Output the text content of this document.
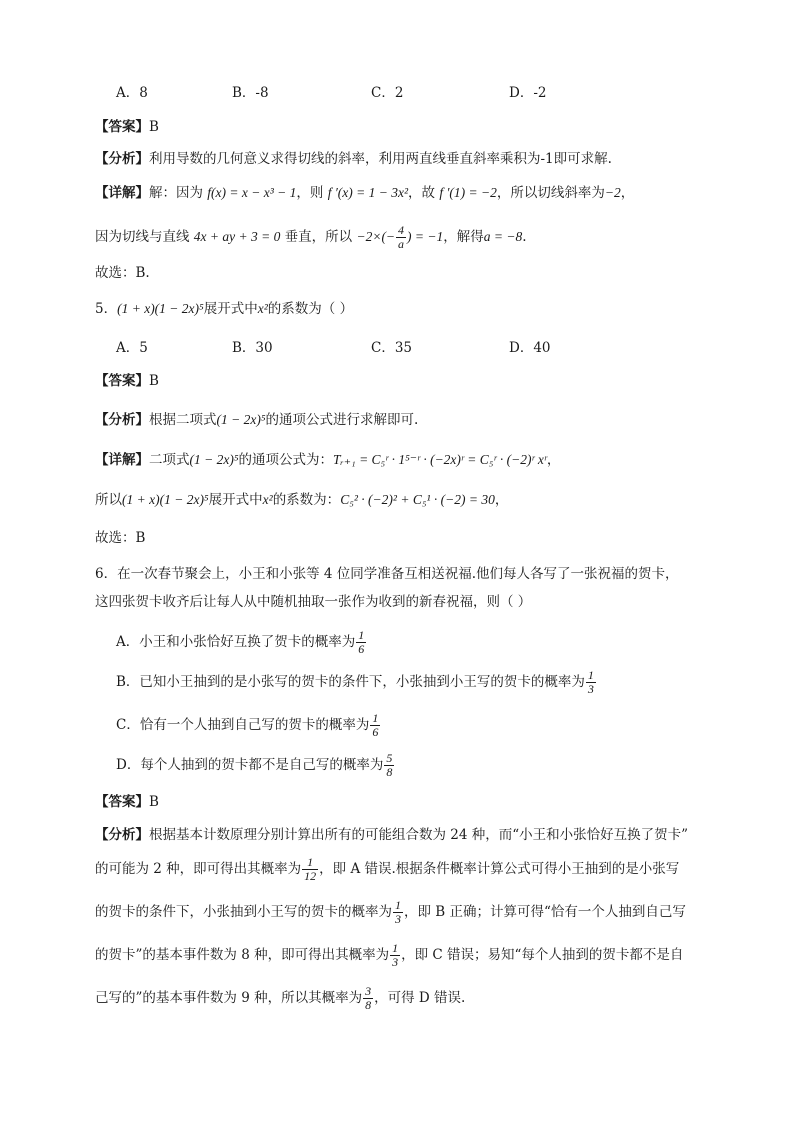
A．8	B．-8	C．2	D．-2
【答案】B
【分析】利用导数的几何意义求得切线的斜率，利用两直线垂直斜率乘积为-1即可求解.
【详解】解：因为 f(x) = x − x³ − 1，则 f ′(x) = 1 − 3x²，故 f ′(1) = −2，所以切线斜率为−2，
因为切线与直线 4x + ay + 3 = 0 垂直，所以 $-2\times(- \frac{4}{a}$ ) = −1，解得a = −8.
故选：B.
5．(1 + x)(1 − 2x)⁵展开式中x²的系数为（ ）
A．5	B．30	C．35	D．40
【答案】B
【分析】根据二项式(1 − 2x)⁵的通项公式进行求解即可.
【详解】二项式(1 − 2x)⁵的通项公式为：Tᵣ₊₁ = C₅ʳ · 1⁵⁻ʳ · (−2x)ʳ = C₅ʳ · (−2)ʳ xʳ，
所以(1 + x)(1 − 2x)⁵展开式中x²的系数为：C₅² · (−2)² + C₅¹ · (−2) = 30，
故选：B
6．在一次春节聚会上，小王和小张等 4 位同学准备互相送祝福.他们每人各写了一张祝福的贺卡，
这四张贺卡收齐后让每人从中随机抽取一张作为收到的新春祝福，则（ ）
A．小王和小张恰好互换了贺卡的概率为 $\frac{1}{6}$
B．已知小王抽到的是小张写的贺卡的条件下，小张抽到小王写的贺卡的概率为 $\frac{1}{3}$
C．恰有一个人抽到自己写的贺卡的概率为 $\frac{1}{6}$
D．每个人抽到的贺卡都不是自己写的概率为 $\frac{5}{8}$
【答案】B
【分析】根据基本计数原理分别计算出所有的可能组合数为 24 种，而“小王和小张恰好互换了贺卡”
的可能为 2 种，即可得出其概率为 $\frac{1}{12}$ ，即 A 错误.根据条件概率计算公式可得小王抽到的是小张写
的贺卡的条件下，小张抽到小王写的贺卡的概率为 $\frac{1}{3}$ ，即 B 正确；计算可得“恰有一个人抽到自己写
的贺卡”的基本事件数为 8 种，即可得出其概率为 $\frac{1}{3}$ ，即 C 错误；易知“每个人抽到的贺卡都不是自
己写的”的基本事件数为 9 种，所以其概率为 $\frac{3}{8}$ ，可得 D 错误.
